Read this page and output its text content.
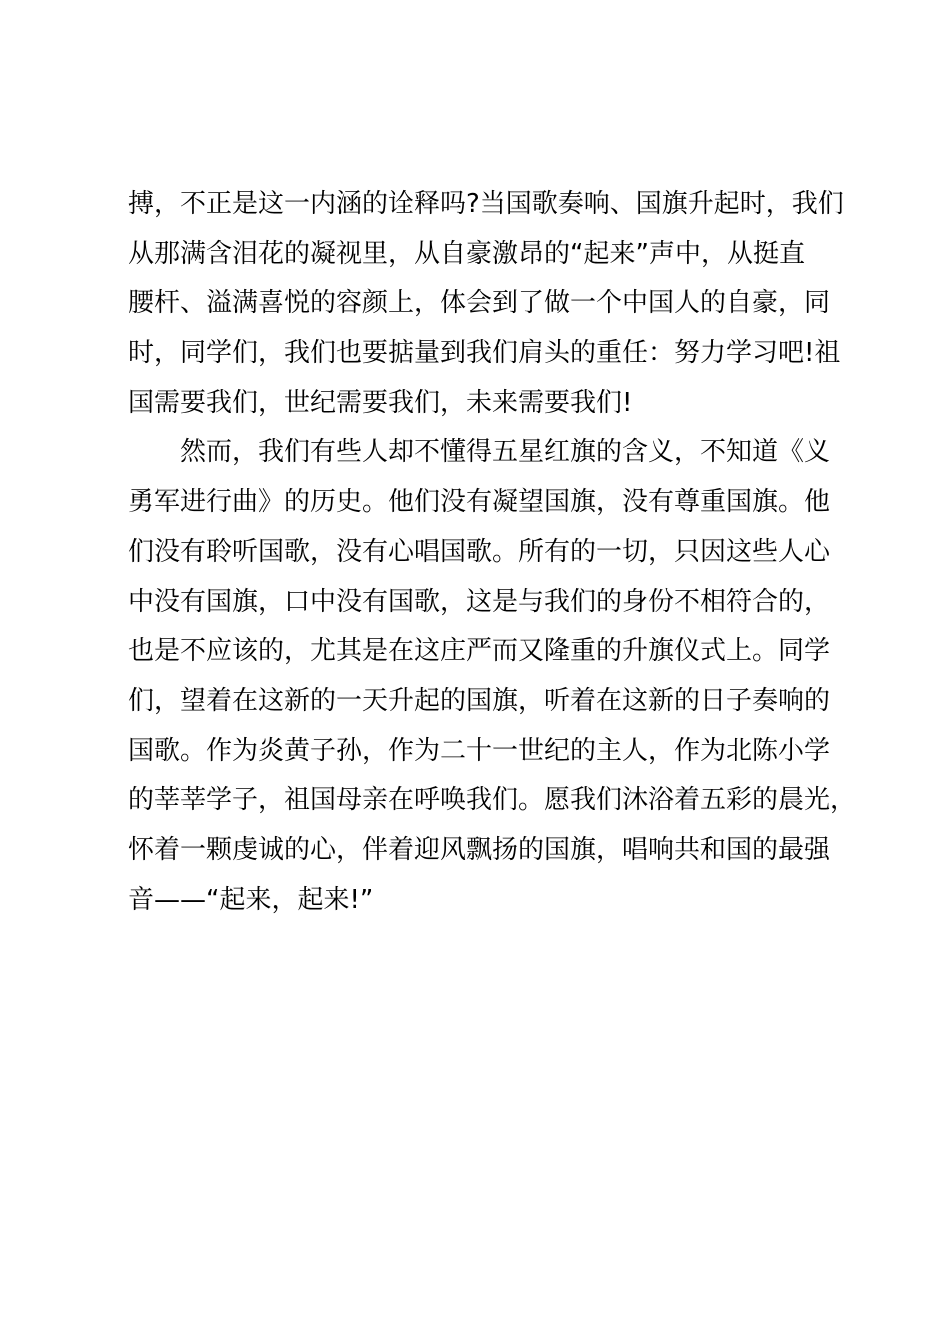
搏，不正是这一内涵的诠释吗?当国歌奏响、国旗升起时，我们
从那满含泪花的凝视里，从自豪激昂的“起来”声中，从挺直
腰杆、溢满喜悦的容颜上，体会到了做一个中国人的自豪，同
时，同学们，我们也要掂量到我们肩头的重任：努力学习吧!祖
国需要我们，世纪需要我们，未来需要我们!
然而，我们有些人却不懂得五星红旗的含义，不知道《义
勇军进行曲》的历史。他们没有凝望国旗，没有尊重国旗。他
们没有聆听国歌，没有心唱国歌。所有的一切，只因这些人心
中没有国旗，口中没有国歌，这是与我们的身份不相符合的，
也是不应该的，尤其是在这庄严而又隆重的升旗仪式上。同学
们，望着在这新的一天升起的国旗，听着在这新的日子奏响的
国歌。作为炎黄子孙，作为二十一世纪的主人，作为北陈小学
的莘莘学子，祖国母亲在呼唤我们。愿我们沐浴着五彩的晨光，
怀着一颗虔诚的心，伴着迎风飘扬的国旗，唱响共和国的最强
音——“起来，起来!”
